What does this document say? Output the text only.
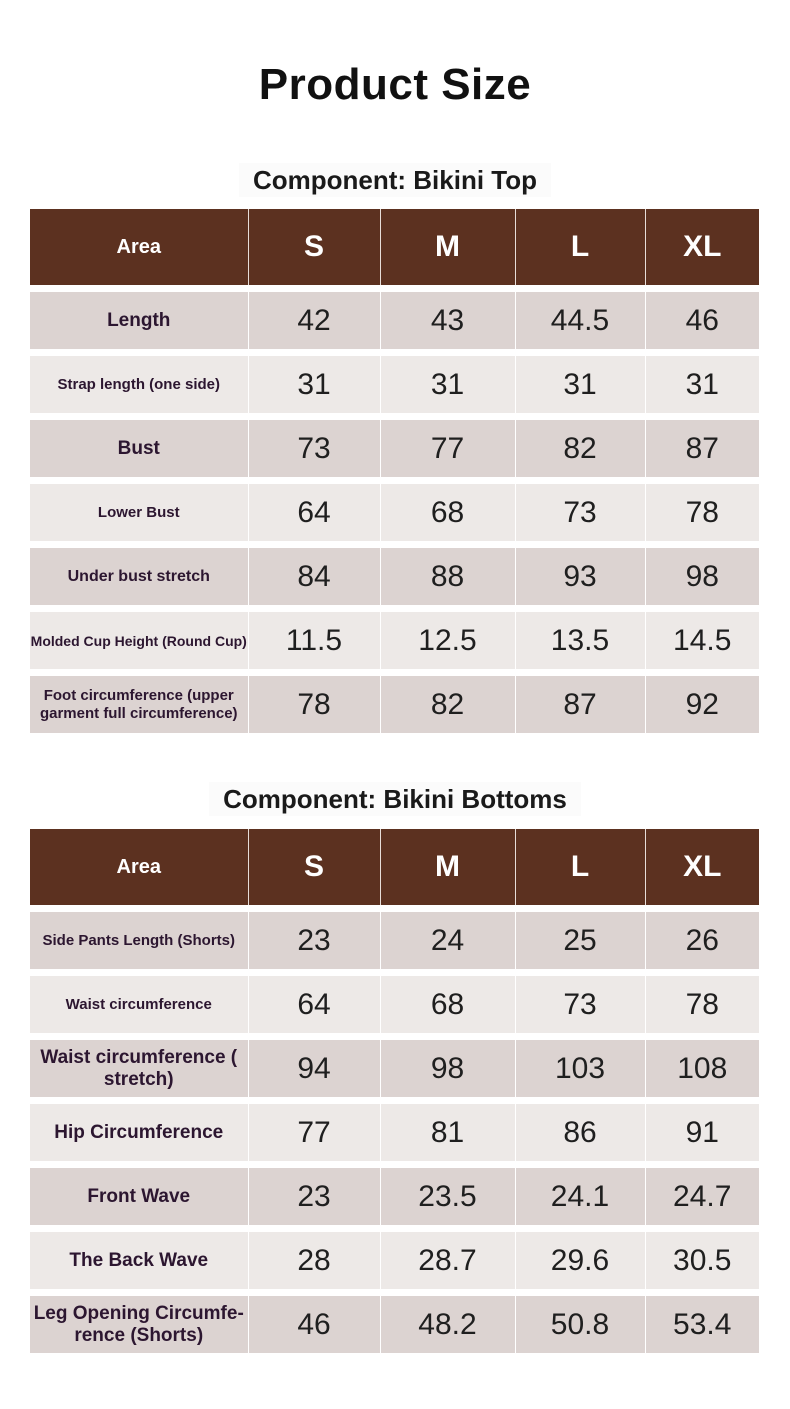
Product Size
Component: Bikini Top
Area	S	M	L	XL
Length	42	43	44.5	46
Strap length (one side)	31	31	31	31
Bust	73	77	82	87
Lower Bust	64	68	73	78
Under bust stretch	84	88	93	98
Molded Cup Height (Round Cup)	11.5	12.5	13.5	14.5
Foot circumference (upper garment full circumference)	78	82	87	92
Component: Bikini Bottoms
Area	S	M	L	XL
Side Pants Length (Shorts)	23	24	25	26
Waist circumference	64	68	73	78
Waist circumference ( stretch)	94	98	103	108
Hip Circumference	77	81	86	91
Front Wave	23	23.5	24.1	24.7
The Back Wave	28	28.7	29.6	30.5
Leg Opening Circumfe- rence (Shorts)	46	48.2	50.8	53.4
